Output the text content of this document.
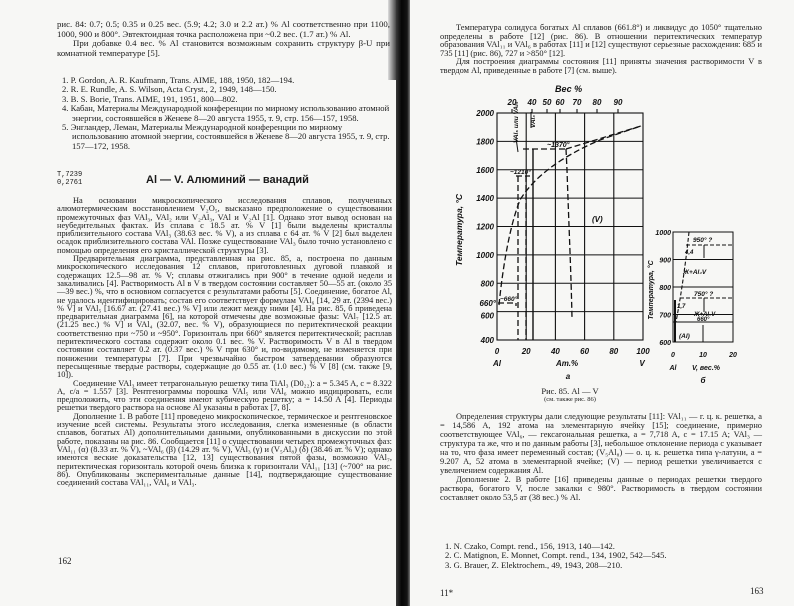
рис. 84: 0.7; 0.5; 0.35 и 0.25 вес. (5.9; 4.2; 3.0 и 2.2 ат.) % Al соответственно при 1100, 1000, 900 и 800°. Эвтектоидная точка расположена при ~0.2 вес. (1.7 ат.) % Al.

При добавке 0.4 вес. % Al становится возможным сохранить структуру β-U при комнатной температуре [5].

1. P. Gordon, A. R. Kaufmann, Trans. AIME, 188, 1950, 182—194.
2. R. E. Rundle, A. S. Wilson, Acta Cryst., 2, 1949, 148—150.
3. B. S. Borie, Trans. AIME, 191, 1951, 800—802.
4. Кабан, Материалы Международной конференции по мирному использованию атомной энергии, состоявшейся в Женеве 8—20 августа 1955, т. 9, стр. 156—157, 1958.
5. Энгландер, Леман, Материалы Международной конференции по мирному использованию атомной энергии, состоявшейся в Женеве 8—20 августа 1955, т. 9, стр. 157—172, 1958.
Т,7239
0,2761	Al — V. Алюминий — ванадий

На основании микроскопического исследования сплавов, полученных алюмотермическим восстановлением V₂O₅, высказано предположение о существовании промежуточных фаз VAl₃, VAl₂ или V₂Al₃, VAl и V₂Al [1]. Однако этот вывод основан на неубедительных фактах. Из сплава с 18.5 ат. % V [1] были выделены кристаллы приблизительного состава VAl₃ (38.63 вес. % V), а из сплава с 64 ат. % V [2] был выделен осадок приблизительного состава VAl. Позже существование VAl₃ было точно установлено с помощью определения его кристаллической структуры [3].

Предварительная диаграмма, представленная на рис. 85, а, построена по данным микроскопического исследования 12 сплавов, приготовленных дуговой плавкой и содержащих 12.5—98 ат. % V; сплавы отжигались при 900° в течение одной недели и закаливались [4]. Растворимость Al в V в твердом состоянии составляет 50—55 ат. (около 35—39 вес.) %, что в основном согласуется с результатами работы [5]. Соединение, богатое Al, не удалось идентифицировать; состав его соответствует формулам VAl₆ [14, 29 ат. (2394 вес.) % V] и VAl₅ [16.67 ат. (27.41 вес.) % V] или лежит между ними [4]. На рис. 85, б приведена предварительная диаграмма [6], на которой отмечены две возможные фазы: VAl₇ [12.5 ат. (21.25 вес.) % V] и VAl₄ (32.07, вес. % V), образующиеся по перитектической реакции соответственно при ~750 и ~950°. Горизонталь при 660° является перитектической; расплав перитектического состава содержит около 0.1 вес. % V. Растворимость V в Al в твердом состоянии составляет 0.2 ат. (0.37 вес.) % V при 630° и, по-видимому, не изменяется при понижении температуры [7]. При чрезвычайно быстром затвердевании образуются пересыщенные твердые растворы, содержащие до 0.55 ат. (1.0 вес.) % V [8] (см. также [9, 10]).

Соединение VAl₃ имеет тетрагональную решетку типа TiAl₃ (D0₂₂): a = 5.345 A, c = 8.322 A, c/a = 1.557 [3]. Рентгенограммы порошка VAl₅ или VAl₆ можно индицировать, если предположить, что эти соединения имеют кубическую решетку; a = 14.50 A [4]. Периоды решетки твердого раствора на основе Al указаны в работах [7, 8].

Дополнение 1. В работе [11] проведено микроскопическое, термическое и рентгеновское изучение всей системы. Результаты этого исследования, слегка измененные (в области сплавов, богатых Al) дополнительными данными, опубликованными в дискуссии по этой работе, показаны на рис. 86. Сообщается [11] о существовании четырех промежуточных фаз: VAl₁₁ (α) (8.33 ат. % V), ~VAl₆ (β) (14.29 ат. % V), VAl₃ (γ) и (V₅Al₈) (δ) (38.46 ат. % V); однако имеются веские доказательства [12, 13] существования пятой фазы, возможно VAl₇, перитектическая горизонталь которой очень близка к горизонтали VAl₁₁ [13] (~700° на рис. 86). Опубликованы экспериментальные данные [14], подтверждающие существование соединений состава VAl₁₁, VAl₆ и VAl₃.

162

Температура солидуса богатых Al сплавов (661.8°) и ликвидус до 1050° тщательно определены в работе [12] (рис. 86). В отношении перитектических температур образования VAl₁₁ и VAl₆ в работах [11] и [12] существуют серьезные расхождения: 685 и 735 [11] (рис. 86), 727 и >850° [12].

Для построения диаграммы состояния [11] приняты значения растворимости V в твердом Al, приведенные в работе [7] (см. выше).

Вес %
20 40 50 60 70 80 90
2000
1800
1600
1400
1200
1000
800
600
400
660°
Температура, °C
0	20	40	60	80 100
Al	Ат.%	V
а
VAl₆ или VAl₅ VAl₃
~1370°
~1210°
~660°
(V)
950° ?
4,4
Ж+Al₄V
750° ?
1,7
Ж+Al₇V
660°
(Al)
1000
900
800
700
600
Температура, °C
0	10	20
Al V, вес.%
б
Рис. 85. Al — V
(см. также рис. 86)

Определения структуры дали следующие результаты [11]: VAl₁₁ — г. ц. к. решетка, a = 14,586 A, 192 атома на элементарную ячейку [15]; соединение, примерно соответствующее VAl₆, — гексагональная решетка, a = 7,718 A, c = 17.15 A; VAl₃ — структура та же, что и по данным работы [3], небольшое отклонение периода c указывает на то, что фаза имеет переменный состав; (V₅Al₈) — о. ц. к. решетка типа γ-латуни, a = 9.207 A, 52 атома в элементарной ячейке; (V) — период решетки увеличивается с увеличением содержания Al.

Дополнение 2. В работе [16] приведены данные о периодах решетки твердого раствора, богатого V, после закалки с 980°. Растворимость в твердом состоянии составляет около 53,5 ат (38 вес.) % Al.

1. N. Czako, Compt. rend., 156, 1913, 140—142.
2. C. Matignon, E. Monnet, Compt. rend., 134, 1902, 542—545.
3. G. Brauer, Z. Elektrochem., 49, 1943, 208—210.
11*	163
